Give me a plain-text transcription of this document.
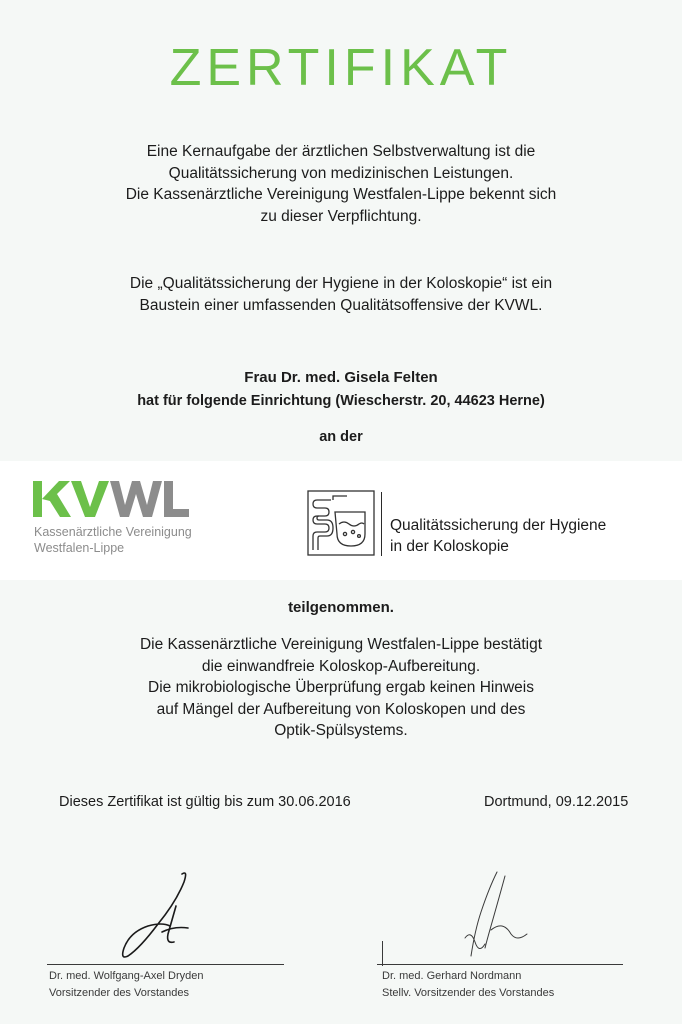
ZERTIFIKAT
Eine Kernaufgabe der ärztlichen Selbstverwaltung ist die
Qualitätssicherung von medizinischen Leistungen.
Die Kassenärztliche Vereinigung Westfalen-Lippe bekennt sich
zu dieser Verpflichtung.
Die „Qualitätssicherung der Hygiene in der Koloskopie“ ist ein
Baustein einer umfassenden Qualitätsoffensive der KVWL.
Frau Dr. med. Gisela Felten
hat für folgende Einrichtung (Wiescherstr. 20, 44623 Herne)
an der
Kassenärztliche Vereinigung
Westfalen-Lippe
Qualitätssicherung der Hygiene
in der Koloskopie
teilgenommen.
Die Kassenärztliche Vereinigung Westfalen-Lippe bestätigt
die einwandfreie Koloskop-Aufbereitung.
Die mikrobiologische Überprüfung ergab keinen Hinweis
auf Mängel der Aufbereitung von Koloskopen und des
Optik-Spülsystems.
Dieses Zertifikat ist gültig bis zum 30.06.2016	Dortmund, 09.12.2015
Dr. med. Wolfgang-Axel Dryden
Vorsitzender des Vorstandes
Dr. med. Gerhard Nordmann
Stellv. Vorsitzender des Vorstandes
